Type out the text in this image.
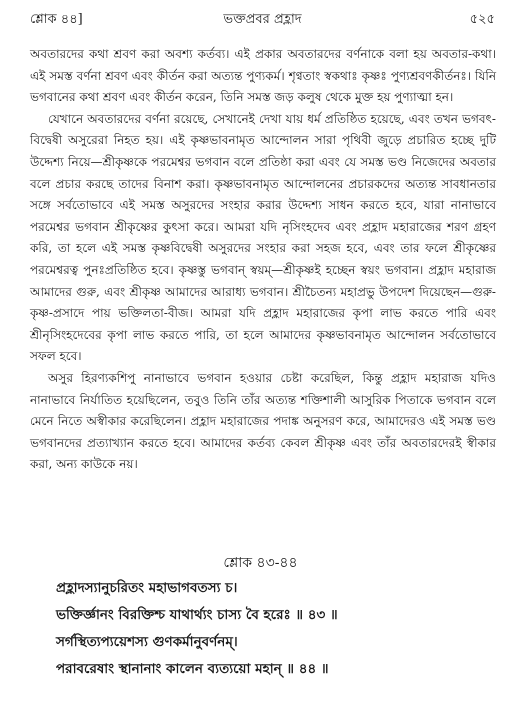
শ্লোক ৪৪]	ভক্তপ্রবর প্রহ্লাদ	৫২৫

অবতারদের কথা শ্রবণ করা অবশ্য কর্তব্য। এই প্রকার অবতারদের বর্ণনাকে বলা হয় অবতার-কথা। এই সমস্ত বর্ণনা শ্রবণ এবং কীর্তন করা অত্যন্ত পুণ্যকর্ম। শৃণ্বতাং স্বকথাঃ কৃষ্ণঃ পুণ্যশ্রবণকীর্তনঃ। যিনি ভগবানের কথা শ্রবণ এবং কীর্তন করেন, তিনি সমস্ত জড় কলুষ থেকে মুক্ত হয় পুণ্যাত্মা হন।

যেখানে অবতারদের বর্ণনা রয়েছে, সেখানেই দেখা যায় ধর্ম প্রতিষ্ঠিত হয়েছে, এবং তখন ভগবৎ-বিদ্বেষী অসুরেরা নিহত হয়। এই কৃষ্ণভাবনামৃত আন্দোলন সারা পৃথিবী জুড়ে প্রচারিত হচ্ছে দুটি উদ্দেশ্য নিয়ে—শ্রীকৃষ্ণকে পরমেশ্বর ভগবান বলে প্রতিষ্ঠা করা এবং যে সমস্ত ভণ্ড নিজেদের অবতার বলে প্রচার করছে তাদের বিনাশ করা। কৃষ্ণভাবনামৃত আন্দোলনের প্রচারকদের অত্যন্ত সাবধানতার সঙ্গে সর্বতোভাবে এই সমস্ত অসুরদের সংহার করার উদ্দেশ্য সাধন করতে হবে, যারা নানাভাবে পরমেশ্বর ভগবান শ্রীকৃষ্ণের কুৎসা করে। আমরা যদি নৃসিংহদেব এবং প্রহ্লাদ মহারাজের শরণ গ্রহণ করি, তা হলে এই সমস্ত কৃষ্ণবিদ্বেষী অসুরদের সংহার করা সহজ হবে, এবং তার ফলে শ্রীকৃষ্ণের পরমেশ্বরত্ব পুনঃপ্রতিষ্ঠিত হবে। কৃষ্ণস্তু ভগবান্ স্বয়ম্—শ্রীকৃষ্ণই হচ্ছেন স্বয়ং ভগবান। প্রহ্লাদ মহারাজ আমাদের গুরু, এবং শ্রীকৃষ্ণ আমাদের আরাধ্য ভগবান। শ্রীচৈতন্য মহাপ্রভু উপদেশ দিয়েছেন—গুরু-কৃষ্ণ-প্রসাদে পায় ভক্তিলতা-বীজ। আমরা যদি প্রহ্লাদ মহারাজের কৃপা লাভ করতে পারি এবং শ্রীনৃসিংহদেবের কৃপা লাভ করতে পারি, তা হলে আমাদের কৃষ্ণভাবনামৃত আন্দোলন সর্বতোভাবে সফল হবে।

অসুর হিরণ্যকশিপু নানাভাবে ভগবান হওয়ার চেষ্টা করেছিল, কিন্তু প্রহ্লাদ মহারাজ যদিও নানাভাবে নির্যাতিত হয়েছিলেন, তবুও তিনি তাঁর অত্যন্ত শক্তিশালী আসুরিক পিতাকে ভগবান বলে মেনে নিতে অস্বীকার করেছিলেন। প্রহ্লাদ মহারাজের পদাঙ্ক অনুসরণ করে, আমাদেরও এই সমস্ত ভণ্ড ভগবানদের প্রত্যাখ্যান করতে হবে। আমাদের কর্তব্য কেবল শ্রীকৃষ্ণ এবং তাঁর অবতারদেরই স্বীকার করা, অন্য কাউকে নয়।

শ্লোক ৪৩-৪৪
প্রহ্লাদস্যানুচরিতং মহাভাগবতস্য চ।
ভক্তির্জ্ঞানং বিরক্তিশ্চ যাথার্থ্যং চাস্য বৈ হরেঃ ॥ ৪৩ ॥
সর্গস্থিত্যপ্যয়েশস্য গুণকর্মানুবর্ণনম্।
পরাবরেষাং স্থানানাং কালেন ব্যত্যয়ো মহান্ ॥ ৪৪ ॥
